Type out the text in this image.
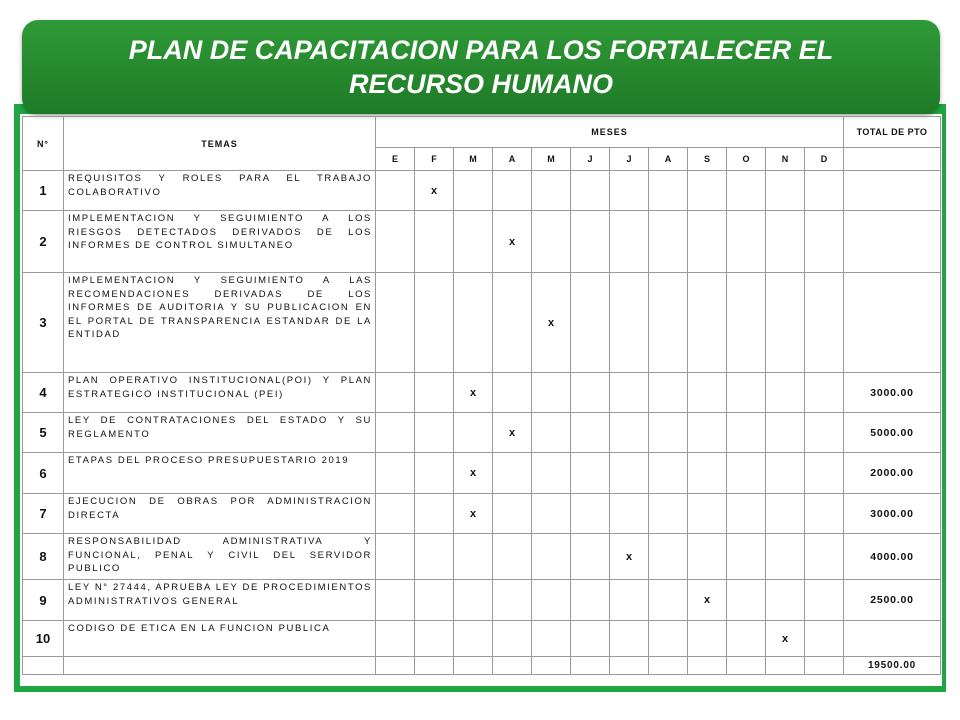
PLAN DE CAPACITACION PARA LOS FORTALECER EL
RECURSO HUMANO
N°	TEMAS	MESES												TOTAL DE PTO
		E	F	M	A	M	J	J	A	S	O	N	D	
1	REQUISITOS Y ROLES PARA EL TRABAJO COLABORATIVO		x											
2	IMPLEMENTACION Y SEGUIMIENTO A LOS RIESGOS DETECTADOS DERIVADOS DE LOS INFORMES DE CONTROL SIMULTANEO				x									
3	IMPLEMENTACION Y SEGUIMIENTO A LAS RECOMENDACIONES DERIVADAS DE LOS INFORMES DE AUDITORIA Y SU PUBLICACION EN EL PORTAL DE TRANSPARENCIA ESTANDAR DE LA ENTIDAD					x								
4	PLAN OPERATIVO INSTITUCIONAL(POI) Y PLAN ESTRATEGICO INSTITUCIONAL (PEI)			x										3000.00
5	LEY DE CONTRATACIONES DEL ESTADO Y SU REGLAMENTO				x									5000.00
6	ETAPAS DEL PROCESO PRESUPUESTARIO 2019			x										2000.00
7	EJECUCION DE OBRAS POR ADMINISTRACION DIRECTA			x										3000.00
8	RESPONSABILIDAD ADMINISTRATIVA Y FUNCIONAL, PENAL Y CIVIL DEL SERVIDOR PUBLICO							x						4000.00
9	LEY N° 27444, APRUEBA LEY DE PROCEDIMIENTOS ADMINISTRATIVOS GENERAL									x				2500.00
10	CODIGO DE ETICA EN LA FUNCION PUBLICA											x		
														19500.00
